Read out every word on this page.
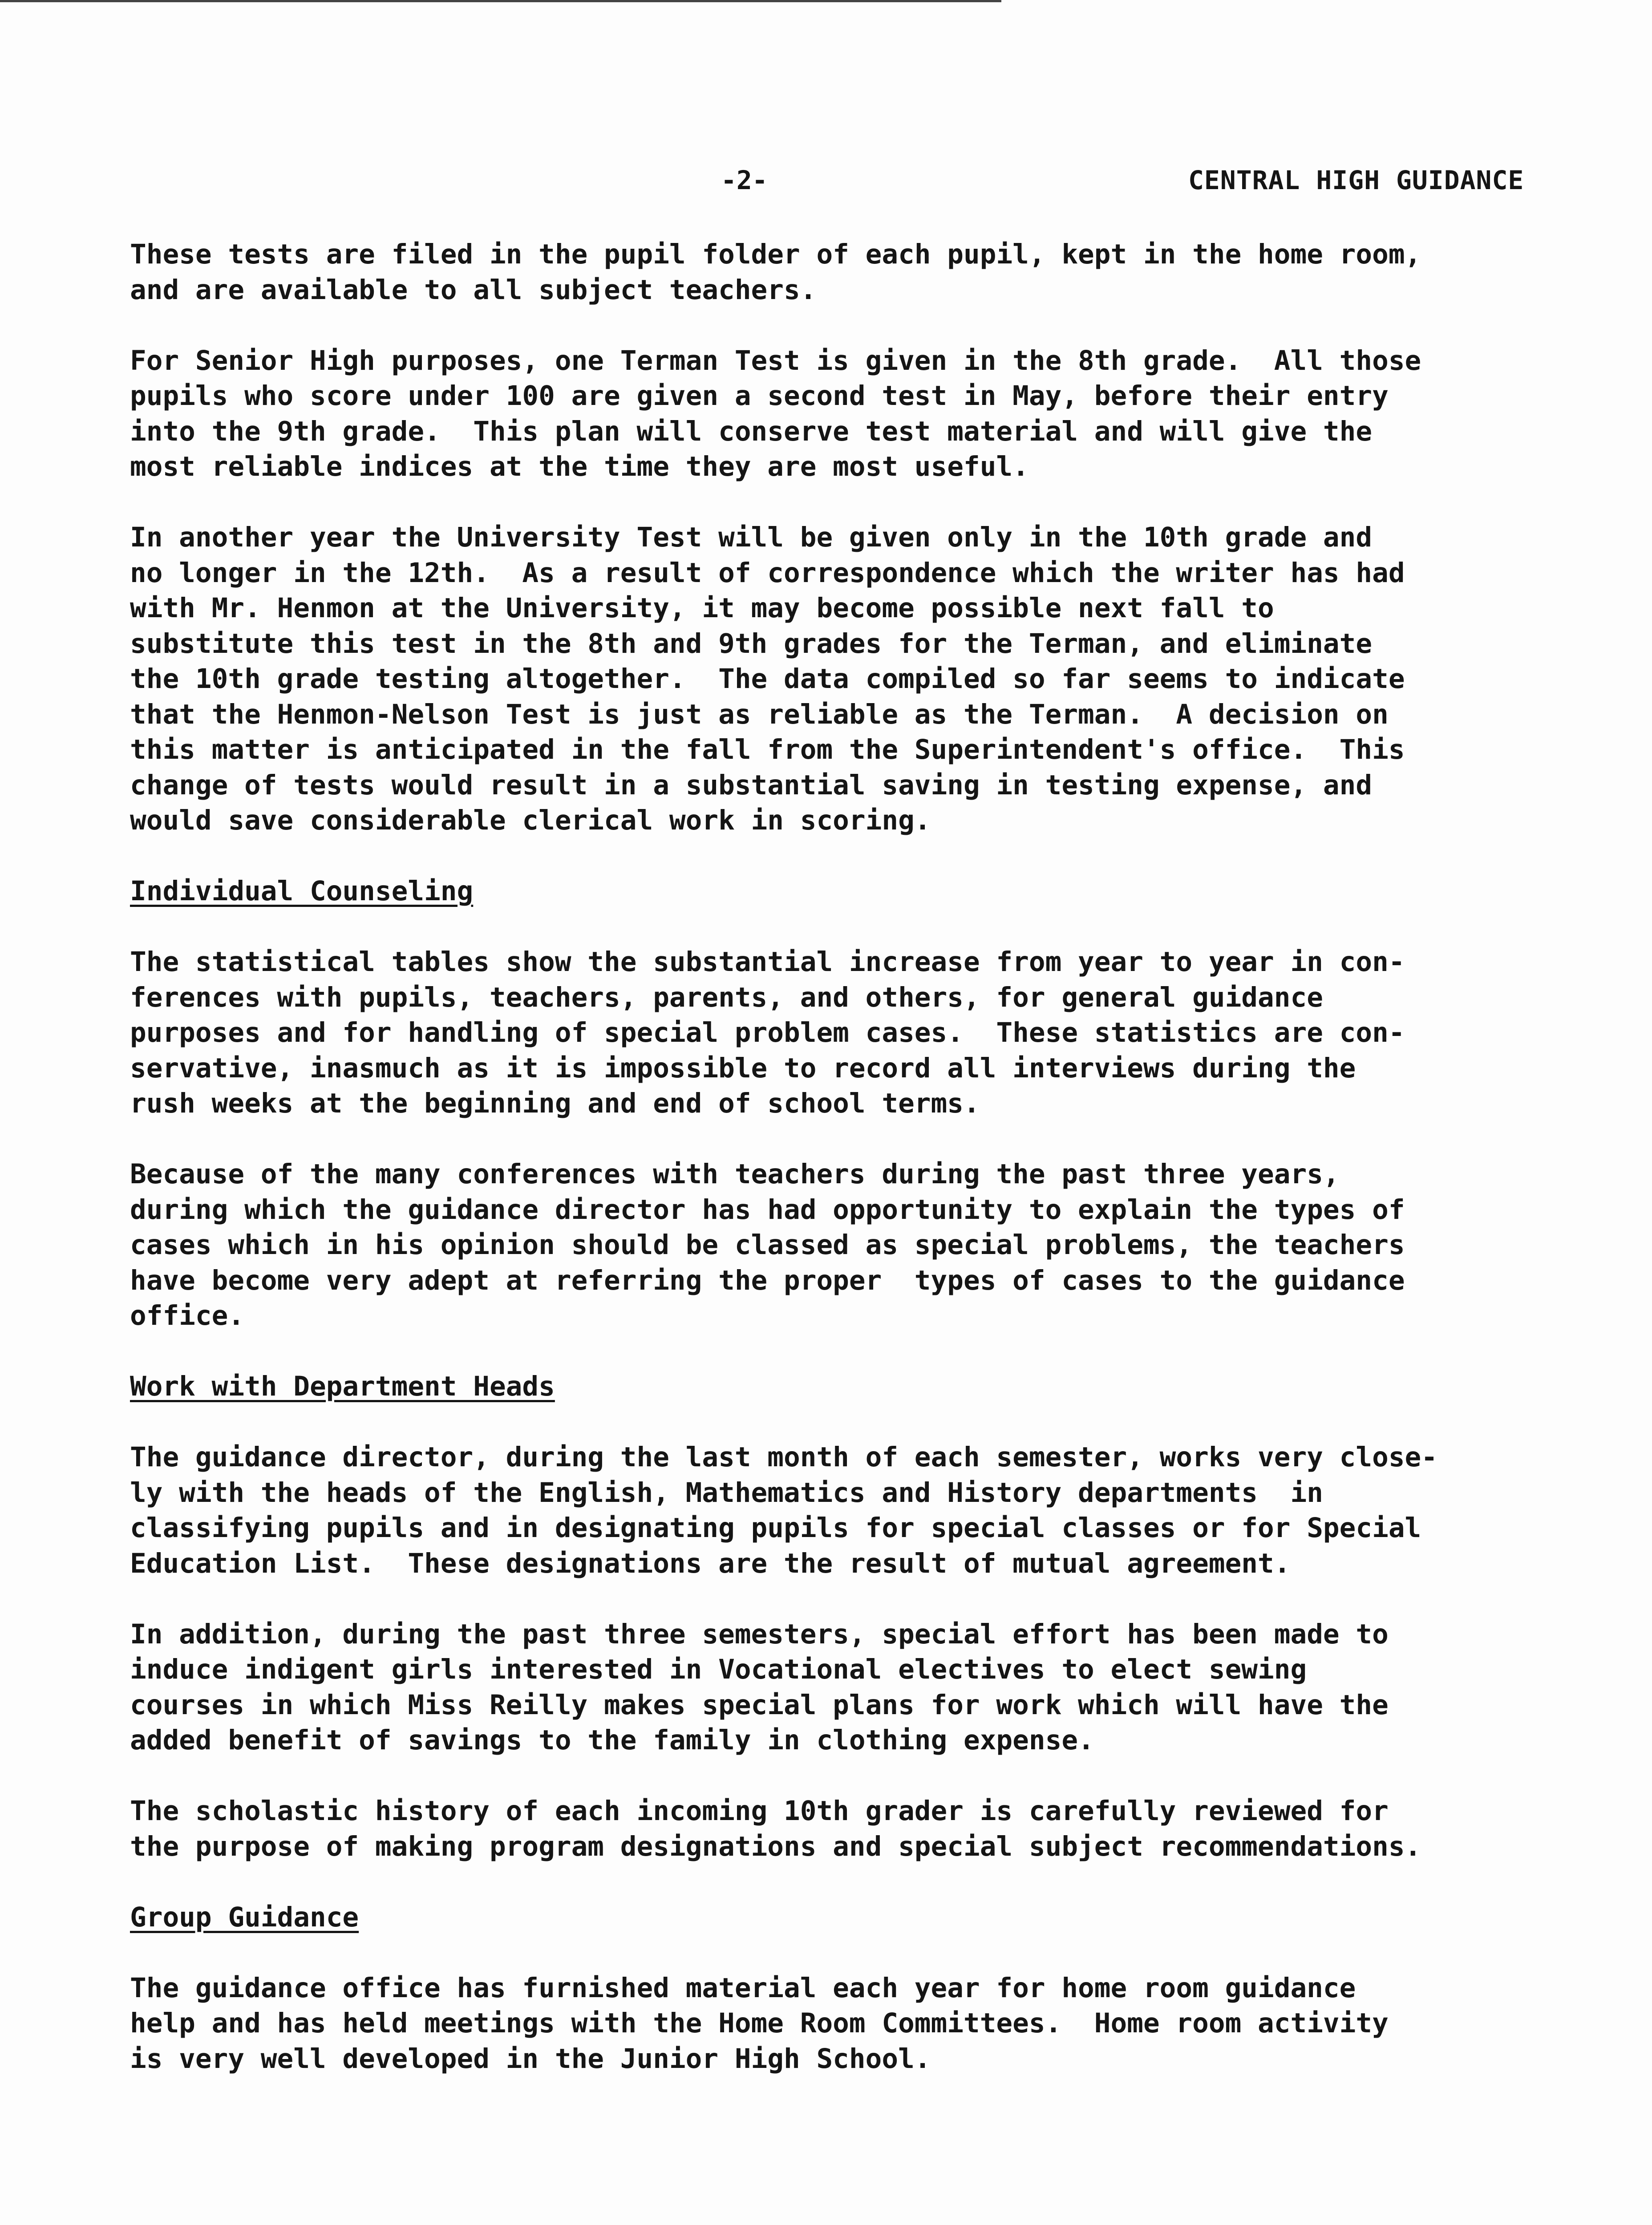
-2-	CENTRAL HIGH GUIDANCE

These tests are filed in the pupil folder of each pupil, kept in the home room,
and are available to all subject teachers.

For Senior High purposes, one Terman Test is given in the 8th grade.  All those
pupils who score under 100 are given a second test in May, before their entry
into the 9th grade.  This plan will conserve test material and will give the
most reliable indices at the time they are most useful.

In another year the University Test will be given only in the 10th grade and
no longer in the 12th.  As a result of correspondence which the writer has had
with Mr. Henmon at the University, it may become possible next fall to
substitute this test in the 8th and 9th grades for the Terman, and eliminate
the 10th grade testing altogether.  The data compiled so far seems to indicate
that the Henmon-Nelson Test is just as reliable as the Terman.  A decision on
this matter is anticipated in the fall from the Superintendent's office.  This
change of tests would result in a substantial saving in testing expense, and
would save considerable clerical work in scoring.

Individual Counseling

The statistical tables show the substantial increase from year to year in con-
ferences with pupils, teachers, parents, and others, for general guidance
purposes and for handling of special problem cases.  These statistics are con-
servative, inasmuch as it is impossible to record all interviews during the
rush weeks at the beginning and end of school terms.

Because of the many conferences with teachers during the past three years,
during which the guidance director has had opportunity to explain the types of
cases which in his opinion should be classed as special problems, the teachers
have become very adept at referring the proper  types of cases to the guidance
office.

Work with Department Heads

The guidance director, during the last month of each semester, works very close-
ly with the heads of the English, Mathematics and History departments  in
classifying pupils and in designating pupils for special classes or for Special
Education List.  These designations are the result of mutual agreement.

In addition, during the past three semesters, special effort has been made to
induce indigent girls interested in Vocational electives to elect sewing
courses in which Miss Reilly makes special plans for work which will have the
added benefit of savings to the family in clothing expense.

The scholastic history of each incoming 10th grader is carefully reviewed for
the purpose of making program designations and special subject recommendations.

Group Guidance

The guidance office has furnished material each year for home room guidance
help and has held meetings with the Home Room Committees.  Home room activity
is very well developed in the Junior High School.
